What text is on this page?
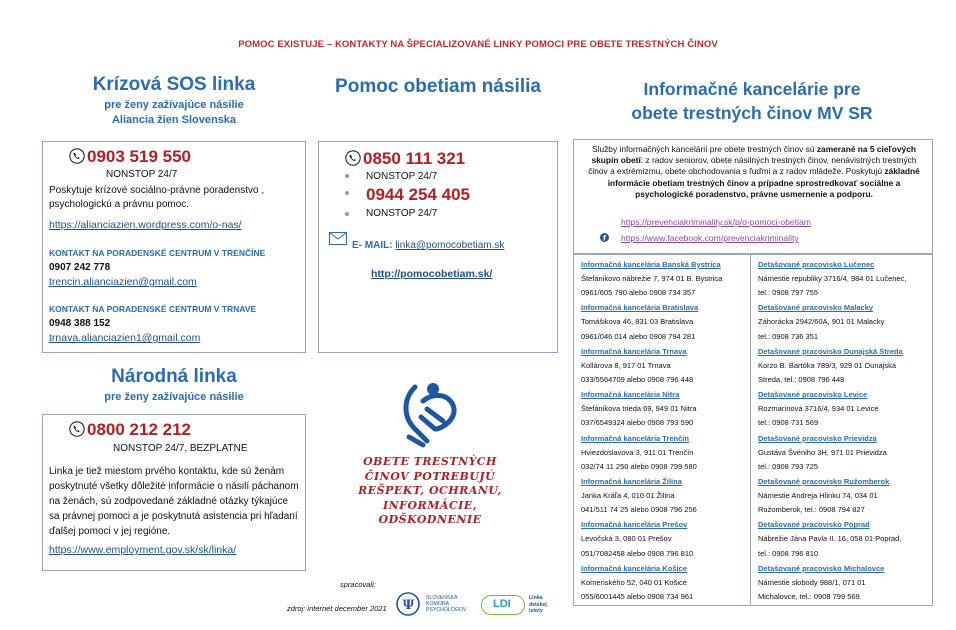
POMOC EXISTUJE – KONTAKTY NA ŠPECIALIZOVANÉ LINKY POMOCI PRE OBETE TRESTNÝCH ČINOV
Krízová SOS linka
pre ženy zažívajúce násilie
Aliancia žien Slovenska
0903 519 550
NONSTOP 24/7
Poskytuje krízové sociálno-právne poradenstvo , psychologickú a právnu pomoc.
https://alianciazien.wordpress.com/o-nas/
KONTAKT NA PORADENSKÉ CENTRUM V TRENČÍNE
0907 242 778
trencin.alianciazien@gmail.com
KONTAKT NA PORADENSKÉ CENTRUM V TRNAVE
0948 388 152
trnava.alianciazien1@gmail.com
Národná linka
pre ženy zažívajúce násilie
0800 212 212
NONSTOP 24/7, BEZPLATNE
Linka je tiež miestom prvého kontaktu, kde sú ženám poskytnuté všetky dôležité informácie o násilí páchanom na ženách, sú zodpovedané základné otázky týkajúce sa právnej pomoci a je poskytnutá asistencia pri hľadaní ďalšej pomoci v jej regióne.
https://www.employment.gov.sk/sk/linka/
Pomoc obetiam násilia
0850 111 321
NONSTOP 24/7
0944 254 405
NONSTOP 24/7
E- MAIL: linka@pomocobetiam.sk
http://pomocobetiam.sk/
OBETE TRESTNÝCH
ČINOV POTREBUJÚ
REŠPEKT, OCHRANU,
INFORMÁCIE,
ODŠKODNENIE
Informačné kancelárie pre
obete trestných činov MV SR
Služby informačných kancelárií pre obete trestných činov sú zamerané na 5 cieľových skupín obetí: z radov seniorov, obete násilných trestných činov, nenávistných trestných činov a extrémizmu, obete obchodovania s ľuďmi a z radov mládeže. Poskytujú základné informácie obetiam trestných činov a prípadne sprostredkovať sociálne a psychologické poradenstvo, právne usmernenie a podporu.
https://prevenciakriminality.sk/p/o-pomoci-obetiam
f https://www.facebook.com/prevenciakriminality
Informačná kancelária Banská Bystrica
Štefánikovo nábrežie 7, 974 01 B. Bystrica
0961/605 790 alebo 0908 734 357
Informačná kancelária Bratislava
Tomášikova 46, 831 03 Bratislava
0961/046 014 alebo 0908 794 281
Informačná kancelária Trnava
Kollárova 8, 917 01 Trnava
033/5564709 alebo 0908 796 448
Informačná kancelária Nitra
Štefánikova trieda 69, 949 01 Nitra
037/6549324 alebo 0908 793 590
Informačná kancelária Trenčín
Hviezdoslavova 3, 911 01 Trenčín
032/74 11 250 alebo 0908 799 580
Informačná kancelária Žilina
Janka Kráľa 4, 010 01 Žilina
041/511 74 25 alebo 0908 796 256
Informačná kancelária Prešov
Levočská 3, 080 01 Prešov
051/7082458 alebo 0908 796 810
Informačná kancelária Košice
Komenského 52, 040 01 Košice
055/6001445 alebo 0908 734 961
Detašované pracovisko Lučenec
Námestie republiky 3716/4, 984 01 Lučenec,
tel.: 0908 797 755
Detašované pracovisko Malacky
Záhorácka 2942/60A, 901 01 Malacky
tel.: 0908 736 351
Detašované pracovisko Dunajská Streda
Korzo B. Bartóka 789/3, 929 01 Dunajská
Streda, tel.: 0908 796 448
Detašované pracovisko Levice
Rozmarínová 3716/4, 934 01 Levice
tel.: 0908 731 569
Detašované pracovisko Prievidza
Gustáva Švéniho 3H, 971 01 Prievidza
tel.: 0908 793 725
Detašované pracovisko Ružomberok
Námestie Andreja Hlinku 74, 034 01
Ružomberok, tel.: 0908 794 827
Detašované pracovisko Poprad
Nábrežie Jána Pavla II. 16, 058 01 Poprad,
tel.: 0908 796 810
Detašované pracovisko Michalovce
Námestie slobody 988/1, 071 01
Michalovce, tel.: 0908 799 569
spracovali:
zdroj: internet december 2021 Ψ SLOVENSKÁ KOMORA PSYCHOLÓGOV	LDI	Linka detskej istoty
